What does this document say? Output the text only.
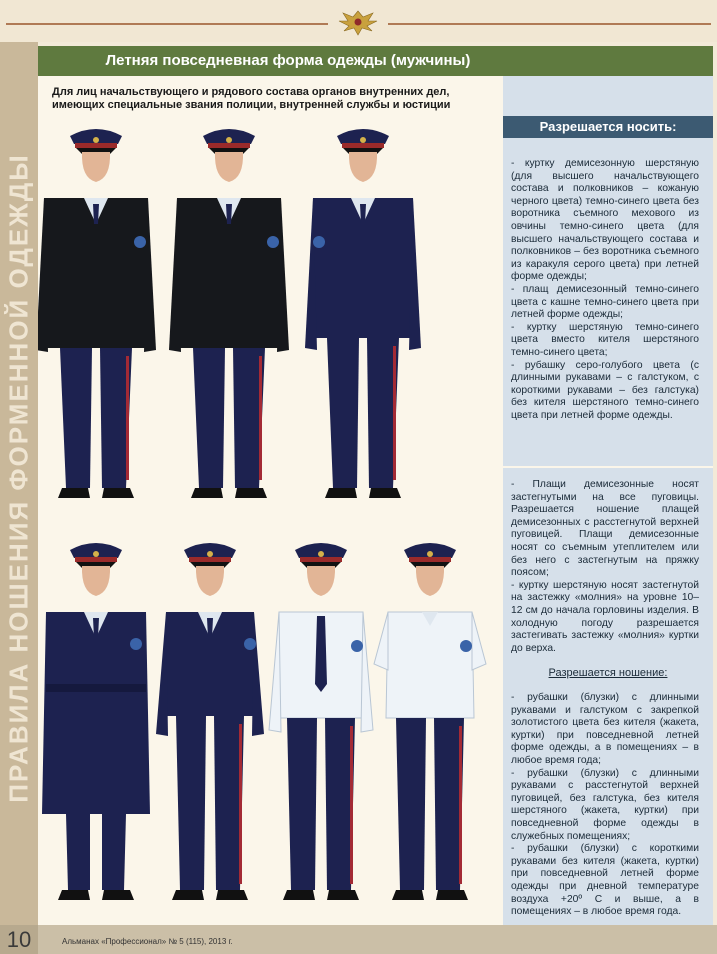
ПРАВИЛА НОШЕНИЯ ФОРМЕННОЙ ОДЕЖДЫ
Летняя повседневная форма одежды (мужчины)
Для лиц начальствующего и рядового состава органов внутренних дел, имеющих специальные звания полиции, внутренней службы и юстиции
Разрешается носить:
- куртку демисезонную шерстяную (для высшего начальствующего состава и полковников – кожаную черного цвета) темно-синего цвета без воротника съемного мехового из овчины темно-синего цвета (для высшего начальствующего состава и полковников – без воротника съемного из каракуля серого цвета) при летней форме одежды;
- плащ демисезонный темно-синего цвета с кашне темно-синего цвета при летней форме одежды;
- куртку шерстяную темно-синего цвета вместо кителя шерстяного темно-синего цвета;
- рубашку серо-голубого цвета (с длинными рукавами – с галстуком, с короткими рукавами – без галстука) без кителя шерстяного темно-синего цвета при летней форме одежды.
- Плащи демисезонные носят застегнутыми на все пуговицы. Разрешается ношение плащей демисезонных с расстегнутой верхней пуговицей. Плащи демисезонные носят со съемным утеплителем или без него с застегнутым на пряжку поясом;
- куртку шерстяную носят застегнутой на застежку «молния» на уровне 10–12 см до начала горловины изделия. В холодную погоду разрешается застегивать застежку «молния» куртки до верха.
Разрешается ношение:
- рубашки (блузки) с длинными рукавами и галстуком с закрепкой золотистого цвета без кителя (жакета, куртки) при повседневной летней форме одежды, а в помещениях – в любое время года;
- рубашки (блузки) с длинными рукавами с расстегнутой верхней пуговицей, без галстука, без кителя шерстяного (жакета, куртки) при повседневной форме одежды в служебных помещениях;
- рубашки (блузки) с короткими рукавами без кителя (жакета, куртки) при повседневной летней форме одежды при дневной температуре воздуха +20º С и выше, а в помещениях – в любое время года.
10	Альманах «Профессионал» № 5 (115), 2013 г.
